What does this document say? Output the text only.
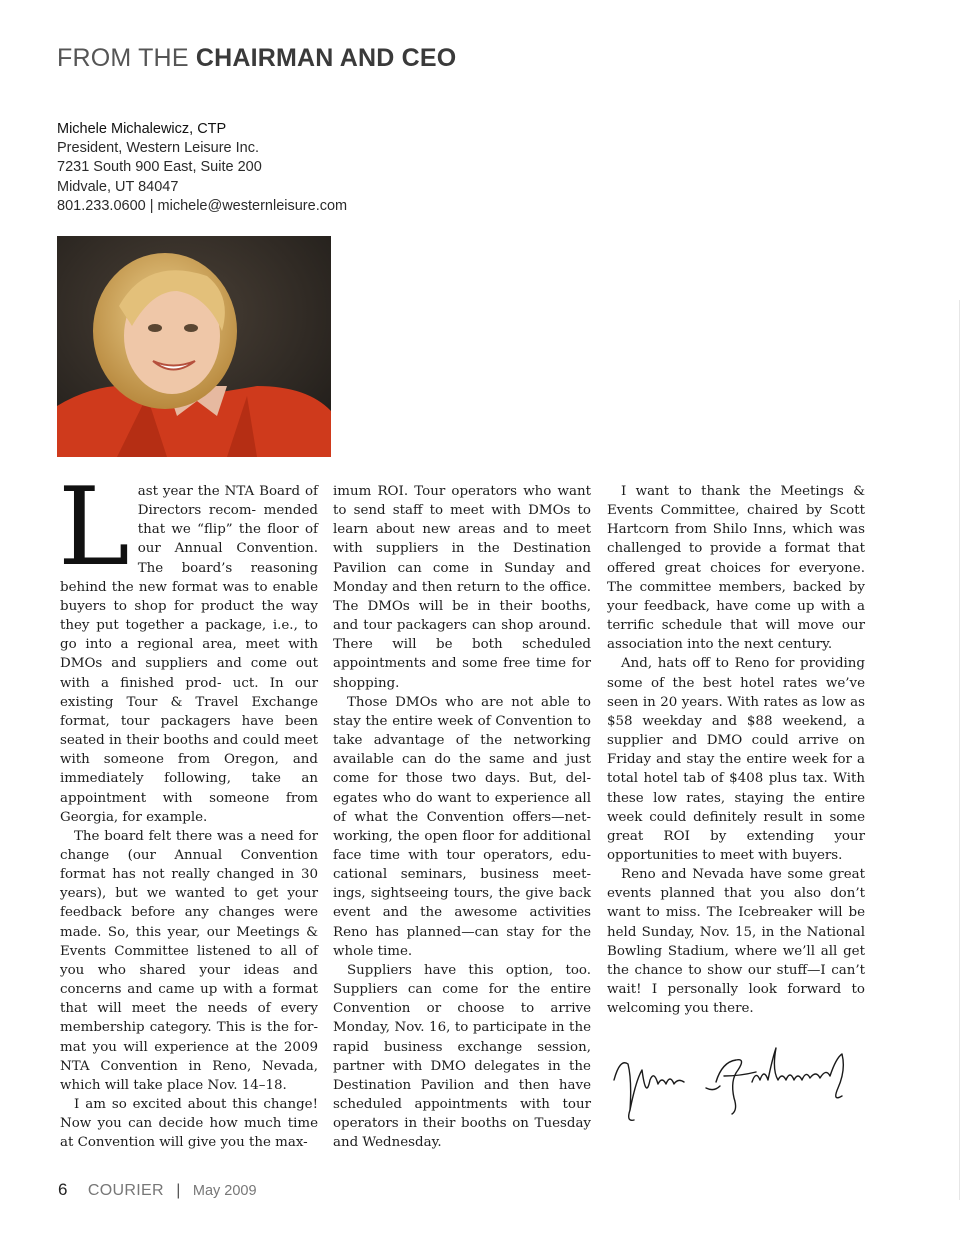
FROM THE CHAIRMAN AND CEO
Michele Michalewicz, CTP
President, Western Leisure Inc.
7231 South 900 East, Suite 200
Midvale, UT 84047
801.233.0600 | michele@westernleisure.com

Last year the NTA Board of Directors recom- mended that we “flip” the floor of our Annual Convention. The board’s reasoning behind the new format was to enable buyers to shop for product the way they put together a package, i.e., to go into a regional area, meet with DMOs and suppliers and come out with a finished prod- uct. In our existing Tour & Travel Exchange format, tour packagers have been seated in their booths and could meet with someone from Oregon, and immediately following, take an appointment with someone from Georgia, for example.

The board felt there was a need for change (our Annual Convention format has not really changed in 30 years), but we wanted to get your feedback before any changes were made. So, this year, our Meetings & Events Committee listened to all of you who shared your ideas and concerns and came up with a format that will meet the needs of every membership category. This is the for- mat you will experience at the 2009 NTA Convention in Reno, Nevada, which will take place Nov. 14–18.

I am so excited about this change! Now you can decide how much time at Convention will give you the max-

imum ROI. Tour operators who want to send staff to meet with DMOs to learn about new areas and to meet with suppliers in the Destination Pavilion can come in Sunday and Monday and then return to the office. The DMOs will be in their booths, and tour packagers can shop around. There will be both scheduled appointments and some free time for shopping.

Those DMOs who are not able to stay the entire week of Convention to take advantage of the networking available can do the same and just come for those two days. But, del- egates who do want to experience all of what the Convention offers—net- working, the open floor for additional face time with tour operators, edu- cational seminars, business meet- ings, sightseeing tours, the give back event and the awesome activities Reno has planned—can stay for the whole time.

Suppliers have this option, too. Suppliers can come for the entire Convention or choose to arrive Monday, Nov. 16, to participate in the rapid business exchange session, partner with DMO delegates in the Destination Pavilion and then have scheduled appointments with tour operators in their booths on Tuesday and Wednesday.

I want to thank the Meetings & Events Committee, chaired by Scott Hartcorn from Shilo Inns, which was challenged to provide a format that offered great choices for everyone. The committee members, backed by your feedback, have come up with a terrific schedule that will move our association into the next century.

And, hats off to Reno for providing some of the best hotel rates we’ve seen in 20 years. With rates as low as $58 weekday and $88 weekend, a supplier and DMO could arrive on Friday and stay the entire week for a total hotel tab of $408 plus tax. With these low rates, staying the entire week could definitely result in some great ROI by extending your opportunities to meet with buyers.

Reno and Nevada have some great events planned that you also don’t want to miss. The Icebreaker will be held Sunday, Nov. 15, in the National Bowling Stadium, where we’ll all get the chance to show our stuff—I can’t wait! I personally look forward to welcoming you there.

6 COURIER | May 2009
